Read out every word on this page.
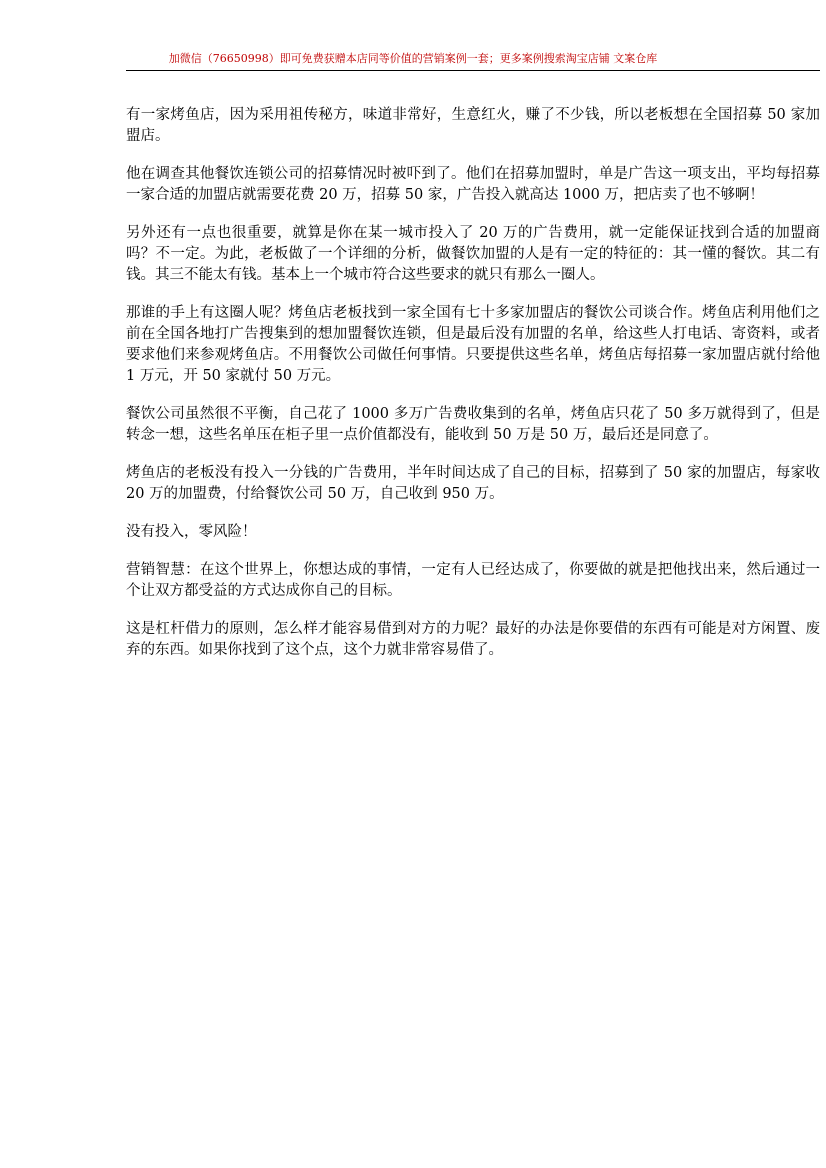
加微信（76650998）即可免费获赠本店同等价值的营销案例一套；更多案例搜索淘宝店铺 文案仓库

有一家烤鱼店，因为采用祖传秘方，味道非常好，生意红火，赚了不少钱，所以老板想在全国招募 50 家加盟店。

他在调查其他餐饮连锁公司的招募情况时被吓到了。他们在招募加盟时，单是广告这一项支出，平均每招募一家合适的加盟店就需要花费 20 万，招募 50 家，广告投入就高达 1000 万，把店卖了也不够啊！

另外还有一点也很重要，就算是你在某一城市投入了 20 万的广告费用，就一定能保证找到合适的加盟商吗？不一定。为此，老板做了一个详细的分析，做餐饮加盟的人是有一定的特征的：其一懂的餐饮。其二有钱。其三不能太有钱。基本上一个城市符合这些要求的就只有那么一圈人。

那谁的手上有这圈人呢？烤鱼店老板找到一家全国有七十多家加盟店的餐饮公司谈合作。烤鱼店利用他们之前在全国各地打广告搜集到的想加盟餐饮连锁，但是最后没有加盟的名单，给这些人打电话、寄资料，或者要求他们来参观烤鱼店。不用餐饮公司做任何事情。只要提供这些名单，烤鱼店每招募一家加盟店就付给他 1 万元，开 50 家就付 50 万元。

餐饮公司虽然很不平衡，自己花了 1000 多万广告费收集到的名单，烤鱼店只花了 50 多万就得到了，但是转念一想，这些名单压在柜子里一点价值都没有，能收到 50 万是 50 万，最后还是同意了。

烤鱼店的老板没有投入一分钱的广告费用，半年时间达成了自己的目标，招募到了 50 家的加盟店，每家收 20 万的加盟费，付给餐饮公司 50 万，自己收到 950 万。

没有投入，零风险！

营销智慧：在这个世界上，你想达成的事情，一定有人已经达成了，你要做的就是把他找出来，然后通过一个让双方都受益的方式达成你自己的目标。

这是杠杆借力的原则，怎么样才能容易借到对方的力呢？最好的办法是你要借的东西有可能是对方闲置、废弃的东西。如果你找到了这个点，这个力就非常容易借了。
